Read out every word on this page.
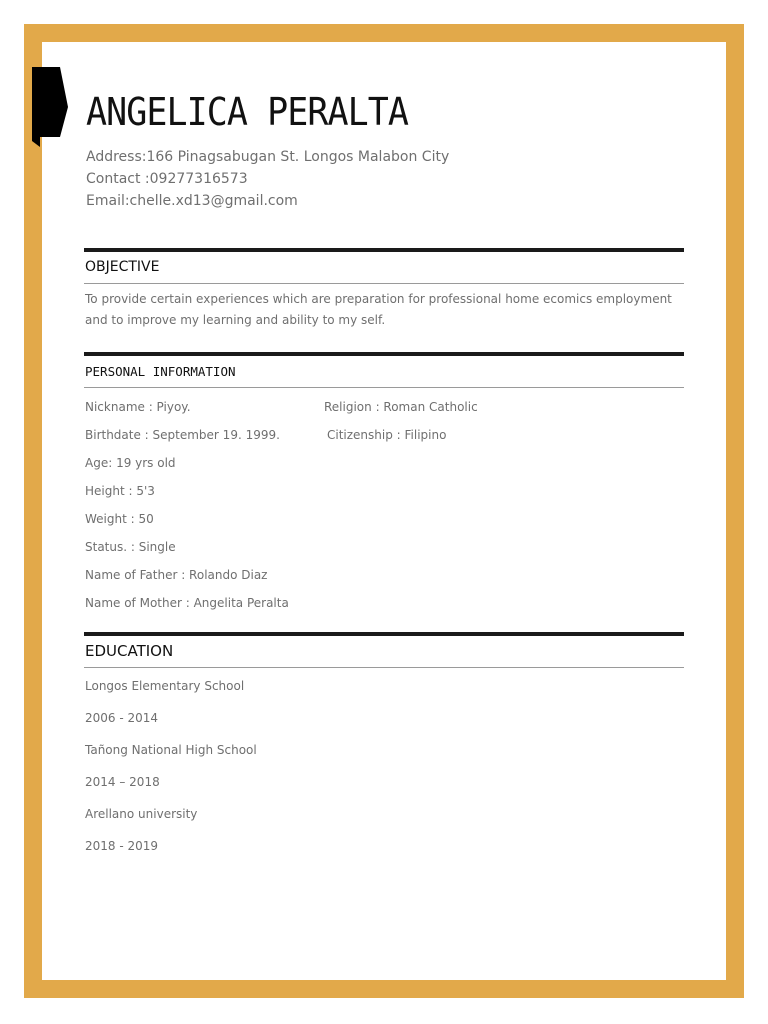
ANGELICA PERALTA
Address:166 Pinagsabugan St. Longos Malabon City
Contact :09277316573
Email:chelle.xd13@gmail.com
OBJECTIVE
To provide certain experiences which are preparation for professional home ecomics employment and to improve my learning and ability to my self.
PERSONAL INFORMATION
Nickname : Piyoy.
Birthdate : September 19. 1999.
Age: 19 yrs old
Height : 5'3
Weight : 50
Status. : Single
Name of Father : Rolando Diaz
Name of Mother : Angelita Peralta
Religion : Roman Catholic
Citizenship : Filipino
EDUCATION
Longos Elementary School
2006 - 2014
Tañong National High School
2014 – 2018
Arellano university
2018 - 2019
